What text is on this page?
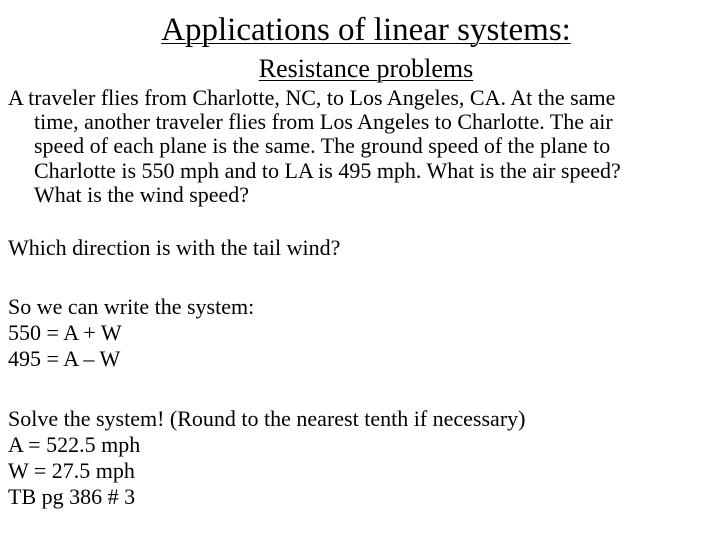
Applications of linear systems:
Resistance problems
A traveler flies from Charlotte, NC, to Los Angeles, CA. At the same
time, another traveler flies from Los Angeles to Charlotte. The air
speed of each plane is the same. The ground speed of the plane to
Charlotte is 550 mph and to LA is 495 mph. What is the air speed?
What is the wind speed?
Which direction is with the tail wind?
So we can write the system:
550 = A + W
495 = A – W
Solve the system! (Round to the nearest tenth if necessary)
A = 522.5 mph
W = 27.5 mph
TB pg 386 # 3
